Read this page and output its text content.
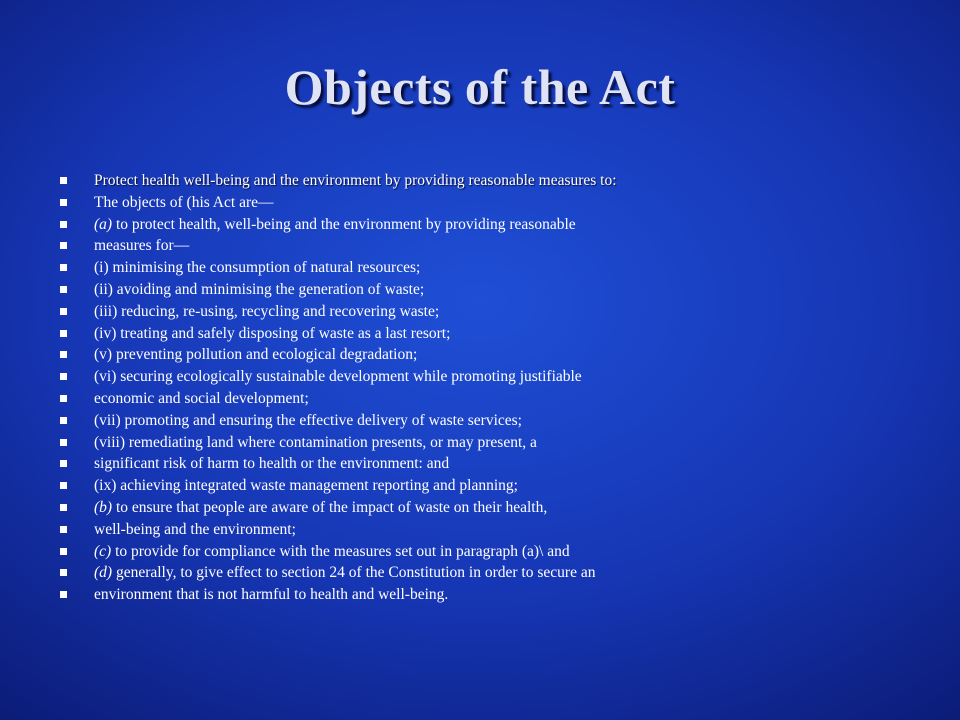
Objects of the Act
Protect health well-being and the environment by providing reasonable measures to:
The objects of (his Act are—
(a) to protect health, well-being and the environment by providing reasonable
measures for—
(i) minimising the consumption of natural resources;
(ii) avoiding and minimising the generation of waste;
(iii) reducing, re-using, recycling and recovering waste;
(iv) treating and safely disposing of waste as a last resort;
(v) preventing pollution and ecological degradation;
(vi) securing ecologically sustainable development while promoting justifiable
economic and social development;
(vii) promoting and ensuring the effective delivery of waste services;
(viii) remediating land where contamination presents, or may present, a
significant risk of harm to health or the environment: and
(ix) achieving integrated waste management reporting and planning;
(b) to ensure that people are aware of the impact of waste on their health,
well-being and the environment;
(c) to provide for compliance with the measures set out in paragraph (a)\ and
(d) generally, to give effect to section 24 of the Constitution in order to secure an
environment that is not harmful to health and well-being.
